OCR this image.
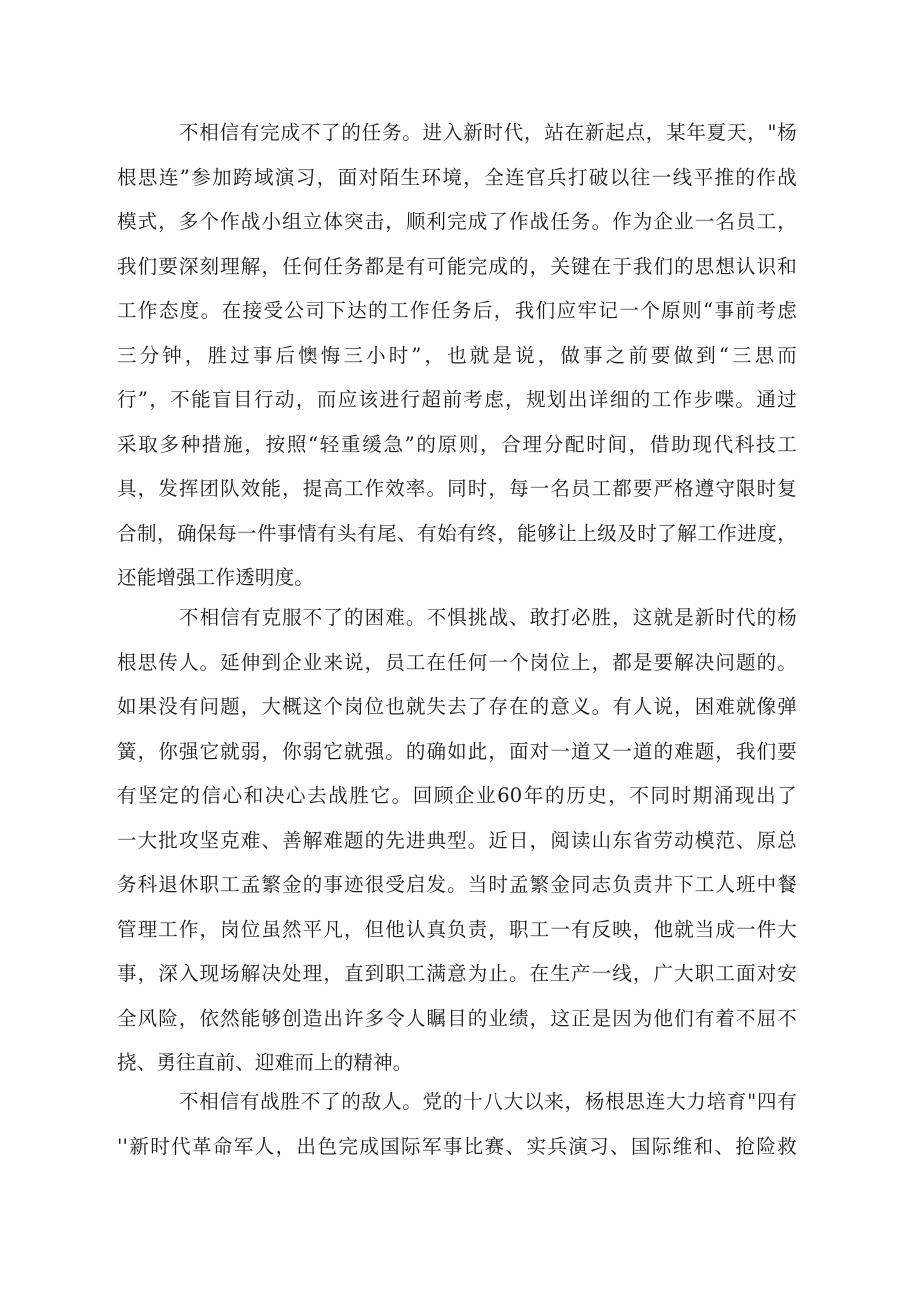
不相信有完成不了的任务。进入新时代，站在新起点，某年夏天，"杨
根思连”参加跨域演习，面对陌生环境，全连官兵打破以往一线平推的作战
模式，多个作战小组立体突击，顺利完成了作战任务。作为企业一名员工，
我们要深刻理解，任何任务都是有可能完成的，关键在于我们的思想认识和
工作态度。在接受公司下达的工作任务后，我们应牢记一个原则“事前考虑
三分钟，胜过事后懊悔三小时”，也就是说，做事之前要做到“三思而
行”，不能盲目行动，而应该进行超前考虑，规划出详细的工作步喋。通过
采取多种措施，按照“轻重缓急”的原则，合理分配时间，借助现代科技工
具，发挥团队效能，提高工作效率。同时，每一名员工都要严格遵守限时复
合制，确保每一件事情有头有尾、有始有终，能够让上级及时了解工作进度，
还能增强工作透明度。
不相信有克服不了的困难。不惧挑战、敢打必胜，这就是新时代的杨
根思传人。延伸到企业来说，员工在任何一个岗位上，都是要解决问题的。
如果没有问题，大概这个岗位也就失去了存在的意义。有人说，困难就像弹
簧，你强它就弱，你弱它就强。的确如此，面对一道又一道的难题，我们要
有坚定的信心和决心去战胜它。回顾企业60年的历史，不同时期涌现出了
一大批攻坚克难、善解难题的先进典型。近日，阅读山东省劳动模范、原总
务科退休职工孟繁金的事迹很受启发。当时孟繁金同志负责井下工人班中餐
管理工作，岗位虽然平凡，但他认真负责，职工一有反映，他就当成一件大
事，深入现场解决处理，直到职工满意为止。在生产一线，广大职工面对安
全风险，依然能够创造出许多令人瞩目的业绩，这正是因为他们有着不屈不
挠、勇往直前、迎难而上的精神。
不相信有战胜不了的敌人。党的十八大以来，杨根思连大力培育"四有
''新时代革命军人，出色完成国际军事比赛、实兵演习、国际维和、抢险救
